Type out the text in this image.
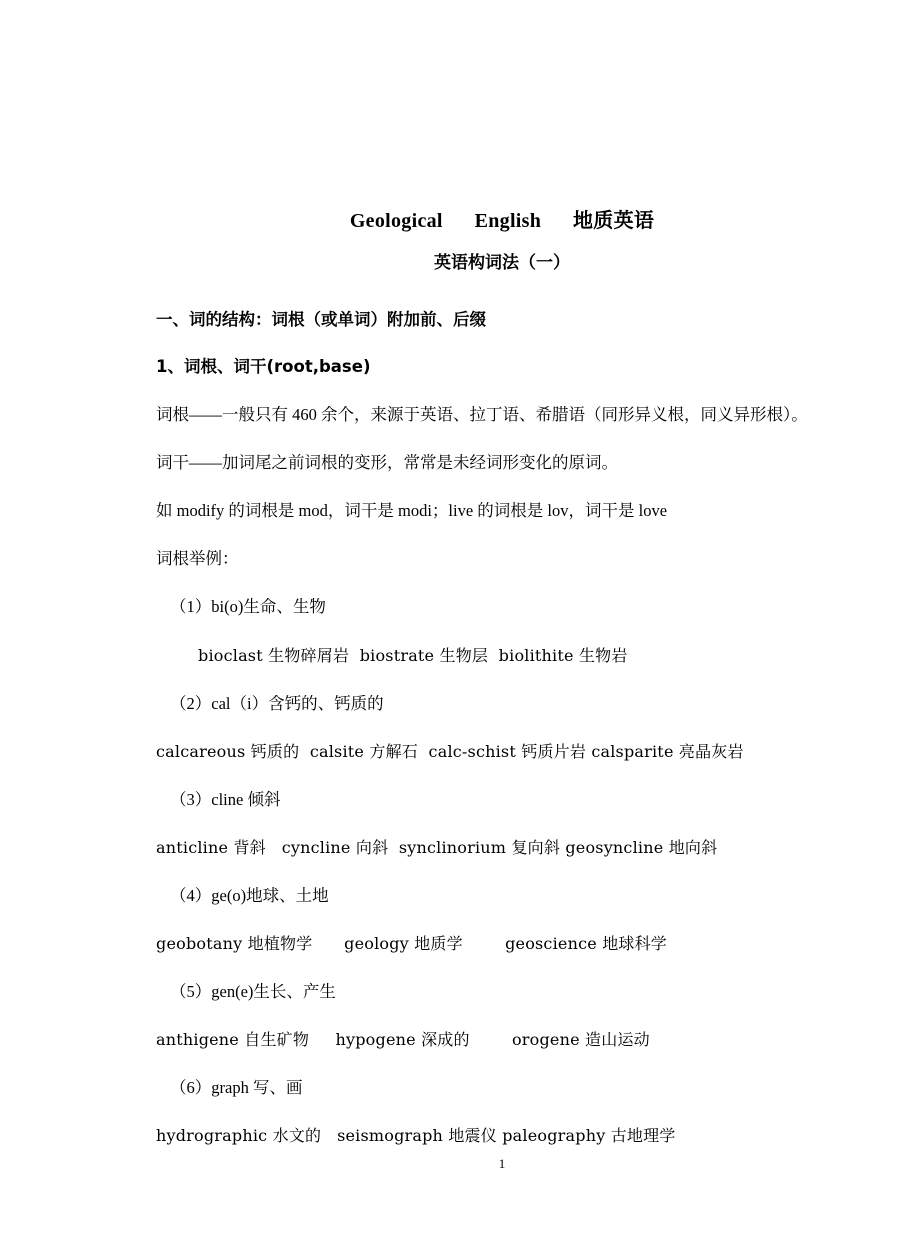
Geological      English      地质英语
英语构词法（一）
一、词的结构：词根（或单词）附加前、后缀
1、词根、词干(root,base)
词根——一般只有 460 余个，来源于英语、拉丁语、希腊语（同形异义根，同义异形根）。
词干——加词尾之前词根的变形，常常是未经词形变化的原词。
如 modify 的词根是 mod，词干是 modi；live 的词根是 lov，词干是 love
词根举例：
（1）bi(o)生命、生物
bioclast 生物碎屑岩  biostrate 生物层  biolithite 生物岩
（2）cal（i）含钙的、钙质的
calcareous 钙质的  calsite 方解石  calc-schist 钙质片岩 calsparite 亮晶灰岩
（3）cline 倾斜
anticline 背斜   cyncline 向斜  synclinorium 复向斜 geosyncline 地向斜
（4）ge(o)地球、土地
geobotany 地植物学      geology 地质学        geoscience 地球科学
（5）gen(e)生长、产生
anthigene 自生矿物     hypogene 深成的        orogene 造山运动
（6）graph 写、画
hydrographic 水文的   seismograph 地震仪 paleography 古地理学
1
